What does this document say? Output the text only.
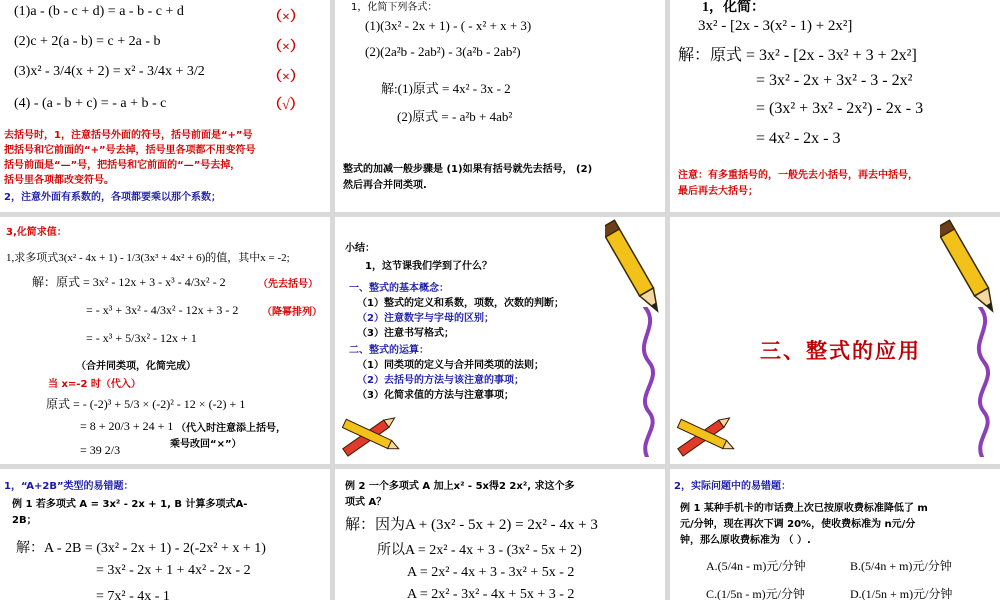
(1)a - (b - c + d) = a - b - c + d	（×）
(2)c + 2(a - b) = c + 2a - b	（×）
(3)x² - 3/4(x + 2) = x² - 3/4x + 3/2	（×）
(4) - (a - b + c) = - a + b - c	（√）
去括号时，1，注意括号外面的符号，括号前面是“+”号
把括号和它前面的“+”号去掉，括号里各项都不用变符号
括号前面是“—”号，把括号和它前面的“—”号去掉，
括号里各项都改变符号。
2，注意外面有系数的，各项都要乘以那个系数；
1，化简下列各式：
(1)(3x² - 2x + 1) - ( - x² + x + 3)
(2)(2a²b - 2ab²) - 3(a²b - 2ab²)
解:(1)原式 = 4x² - 3x - 2
(2)原式 = - a²b + 4ab²
整式的加减一般步骤是 (1)如果有括号就先去括号， (2)
然后再合并同类项.
1，化简：
3x² - [2x - 3(x² - 1) + 2x²]
解：原式 = 3x² - [2x - 3x² + 3 + 2x²]
= 3x² - 2x + 3x² - 3 - 2x²
= (3x² + 3x² - 2x²) - 2x - 3
= 4x² - 2x - 3
注意：有多重括号的，一般先去小括号，再去中括号，
最后再去大括号；
3,化简求值：
1,求多项式3(x² - 4x + 1) - 1/3(3x³ + 4x² + 6)的值，其中x = -2;
解：原式 = 3x² - 12x + 3 - x³ - 4/3x² - 2	（先去括号）
= - x³ + 3x² - 4/3x² - 12x + 3 - 2 （降幂排列）
= - x³ + 5/3x² - 12x + 1
（合并同类项，化简完成）
当 x=-2 时（代入）
原式 = - (-2)³ + 5/3 × (-2)² - 12 × (-2) + 1
= 8 + 20/3 + 24 + 1 （代入时注意添上括号，
乘号改回“×”）
= 39 2/3
小结：
1，这节课我们学到了什么？
一、整式的基本概念：
（1）整式的定义和系数，项数，次数的判断；
（2）注意数字与字母的区别；
（3）注意书写格式；
二、整式的运算：
（1）同类项的定义与合并同类项的法则；
（2）去括号的方法与该注意的事项；
（3）化简求值的方法与注意事项；
三、整式的应用
1，“A+2B”类型的易错题：
例 1 若多项式 A = 3x² - 2x + 1, B 计算多项式A-
2B；
解：A - 2B = (3x² - 2x + 1) - 2(-2x² + x + 1)
= 3x² - 2x + 1 + 4x² - 2x - 2
= 7x² - 4x - 1
例 2 一个多项式 A 加上x² - 5x得2 2x², 求这个多
项式 A？
解：因为A + (3x² - 5x + 2) = 2x² - 4x + 3
所以A = 2x² - 4x + 3 - (3x² - 5x + 2)
A = 2x² - 4x + 3 - 3x² + 5x - 2
A = 2x² - 3x² - 4x + 5x + 3 - 2
2，实际问题中的易错题：
例 1 某种手机卡的市话费上次已按原收费标准降低了 m
元/分钟，现在再次下调 20%，使收费标准为 n元/分
钟，那么原收费标准为 （ ）.
A.(5/4n - m)元/分钟	B.(5/4n + m)元/分钟
C.(1/5n - m)元/分钟	D.(1/5n + m)元/分钟
